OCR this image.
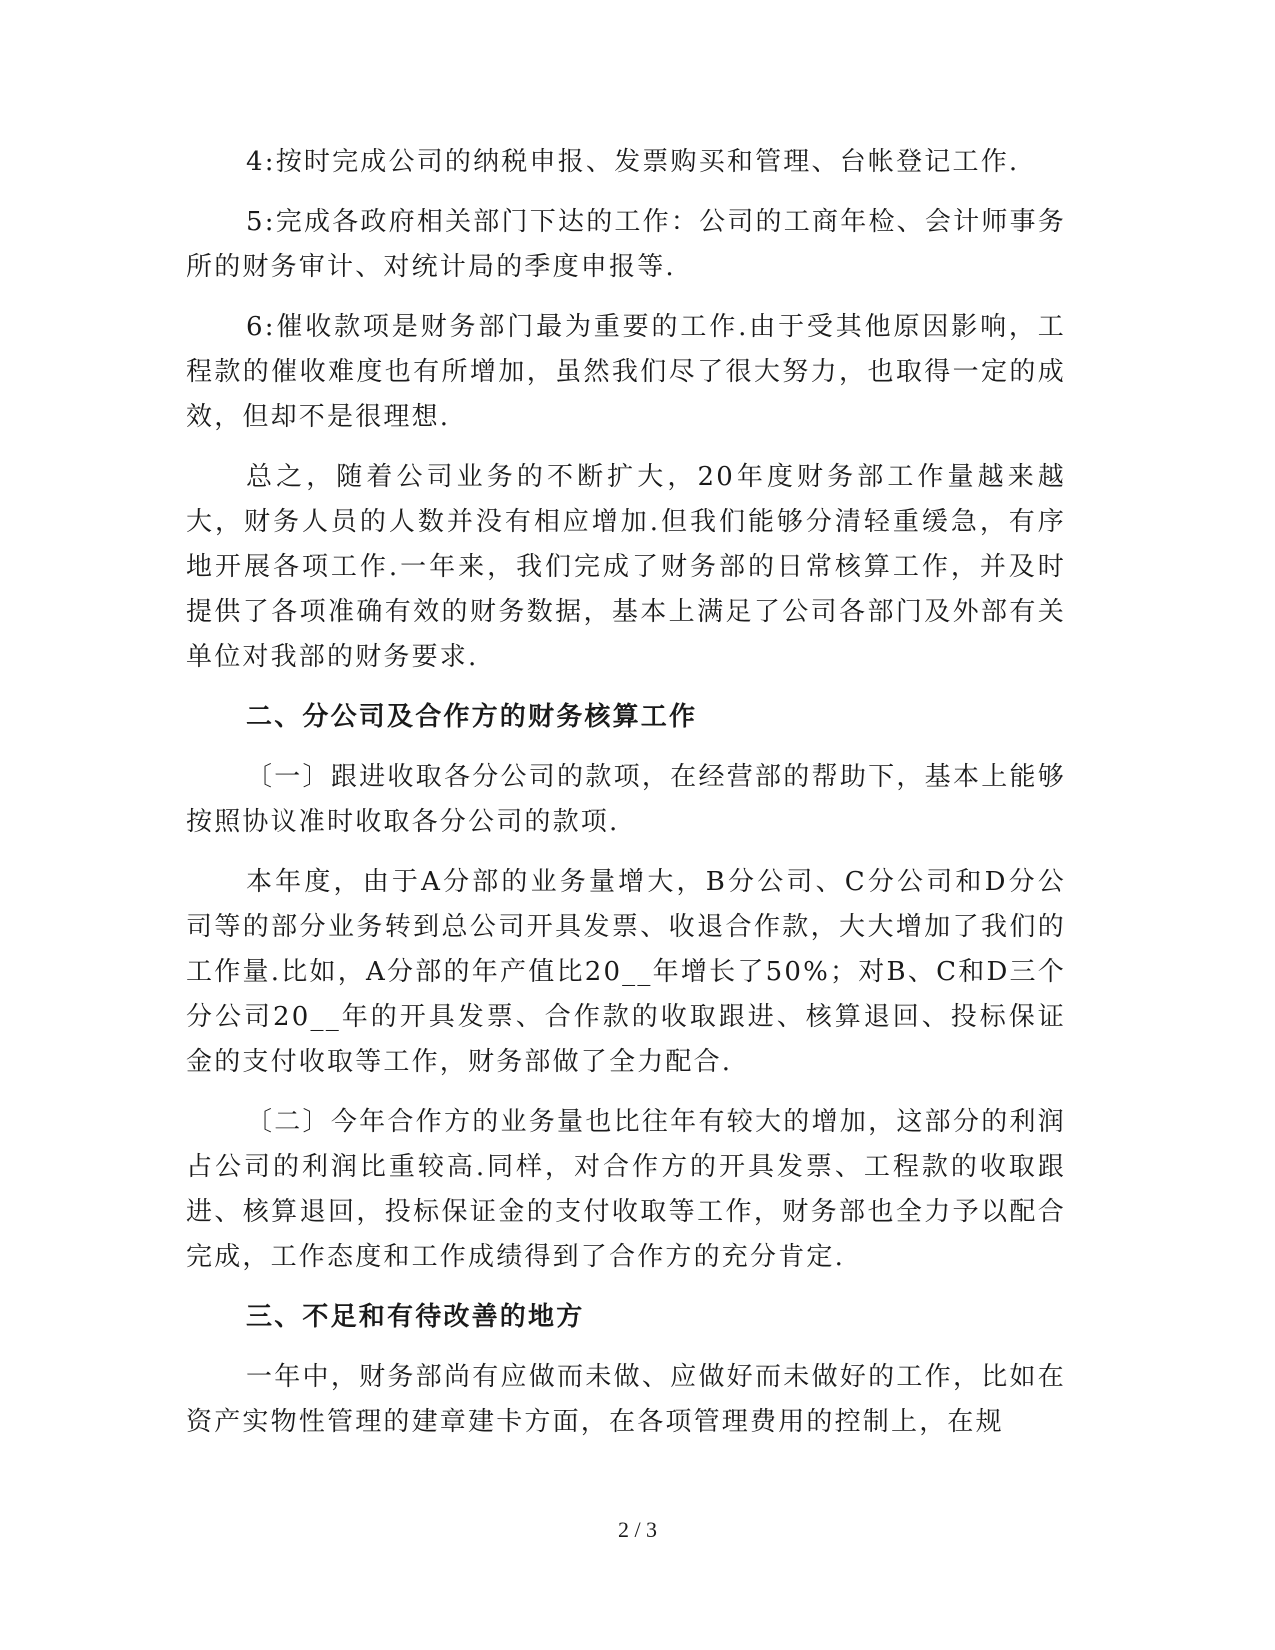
4:按时完成公司的纳税申报、发票购买和管理、台帐登记工作.

5:完成各政府相关部门下达的工作：公司的工商年检、会计师事务所的财务审计、对统计局的季度申报等.

6:催收款项是财务部门最为重要的工作.由于受其他原因影响，工程款的催收难度也有所增加，虽然我们尽了很大努力，也取得一定的成效，但却不是很理想.

总之，随着公司业务的不断扩大，20年度财务部工作量越来越大，财务人员的人数并没有相应增加.但我们能够分清轻重缓急，有序地开展各项工作.一年来，我们完成了财务部的日常核算工作，并及时提供了各项准确有效的财务数据，基本上满足了公司各部门及外部有关单位对我部的财务要求.

二、分公司及合作方的财务核算工作

〔一〕跟进收取各分公司的款项，在经营部的帮助下，基本上能够按照协议准时收取各分公司的款项.

本年度，由于A分部的业务量增大，B分公司、C分公司和D分公司等的部分业务转到总公司开具发票、收退合作款，大大增加了我们的工作量.比如，A分部的年产值比20__年增长了50%；对B、C和D三个分公司20__年的开具发票、合作款的收取跟进、核算退回、投标保证金的支付收取等工作，财务部做了全力配合.

〔二〕今年合作方的业务量也比往年有较大的增加，这部分的利润占公司的利润比重较高.同样，对合作方的开具发票、工程款的收取跟进、核算退回，投标保证金的支付收取等工作，财务部也全力予以配合完成，工作态度和工作成绩得到了合作方的充分肯定.

三、不足和有待改善的地方

一年中，财务部尚有应做而未做、应做好而未做好的工作，比如在资产实物性管理的建章建卡方面，在各项管理费用的控制上，在规

2 / 3
